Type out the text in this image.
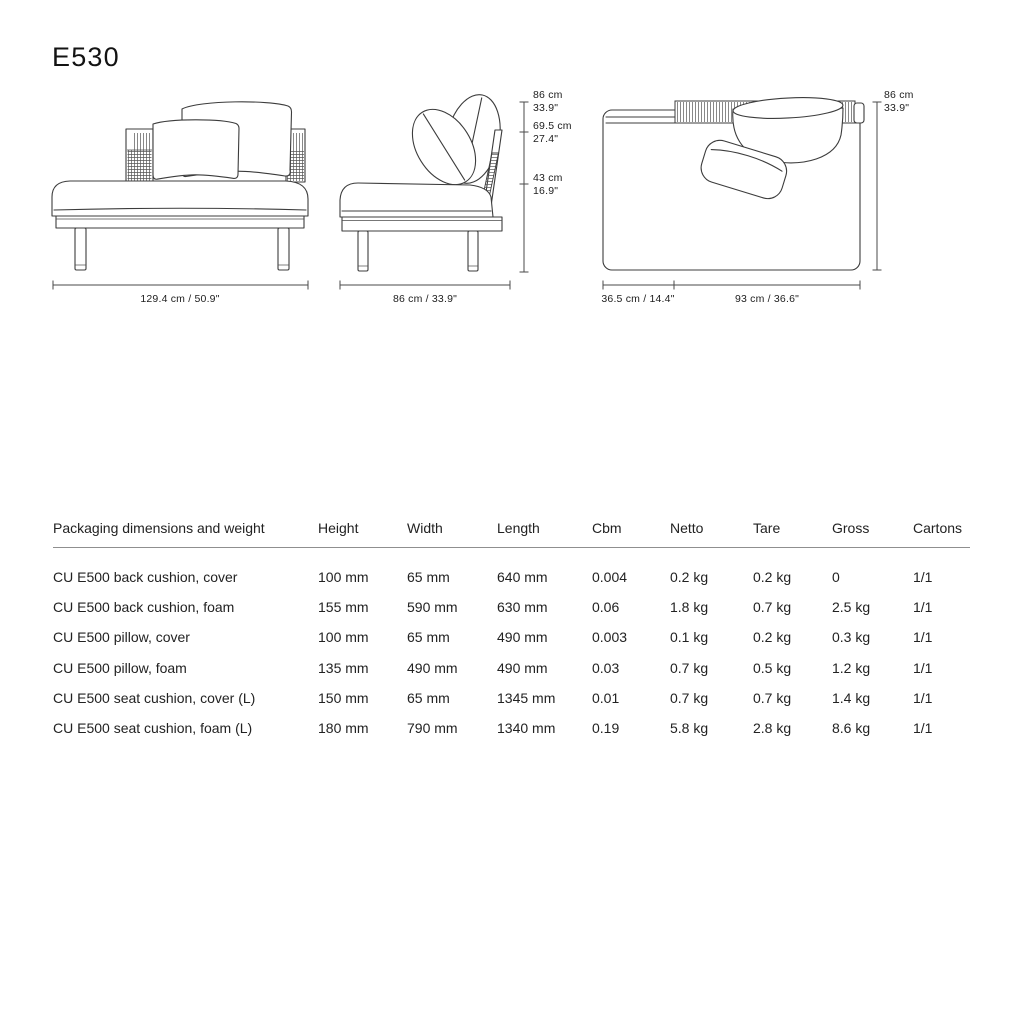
E530
129.4 cm / 50.9"
86 cm
33.9"
69.5 cm
27.4"
43 cm
16.9"
86 cm / 33.9"
86 cm
33.9"
36.5 cm / 14.4"	93 cm / 36.6"
Packaging dimensions and weight	Height	Width	Length	Cbm	Netto	Tare	Gross	Cartons
CU E500 back cushion, cover	100 mm	65 mm	640 mm	0.004	0.2 kg	0.2 kg	0	1/1
CU E500 back cushion, foam	155 mm	590 mm	630 mm	0.06	1.8 kg	0.7 kg	2.5 kg	1/1
CU E500 pillow, cover	100 mm	65 mm	490 mm	0.003	0.1 kg	0.2 kg	0.3 kg	1/1
CU E500 pillow, foam	135 mm	490 mm	490 mm	0.03	0.7 kg	0.5 kg	1.2 kg	1/1
CU E500 seat cushion, cover (L)	150 mm	65 mm	1345 mm	0.01	0.7 kg	0.7 kg	1.4 kg	1/1
CU E500 seat cushion, foam (L)	180 mm	790 mm	1340 mm	0.19	5.8 kg	2.8 kg	8.6 kg	1/1
